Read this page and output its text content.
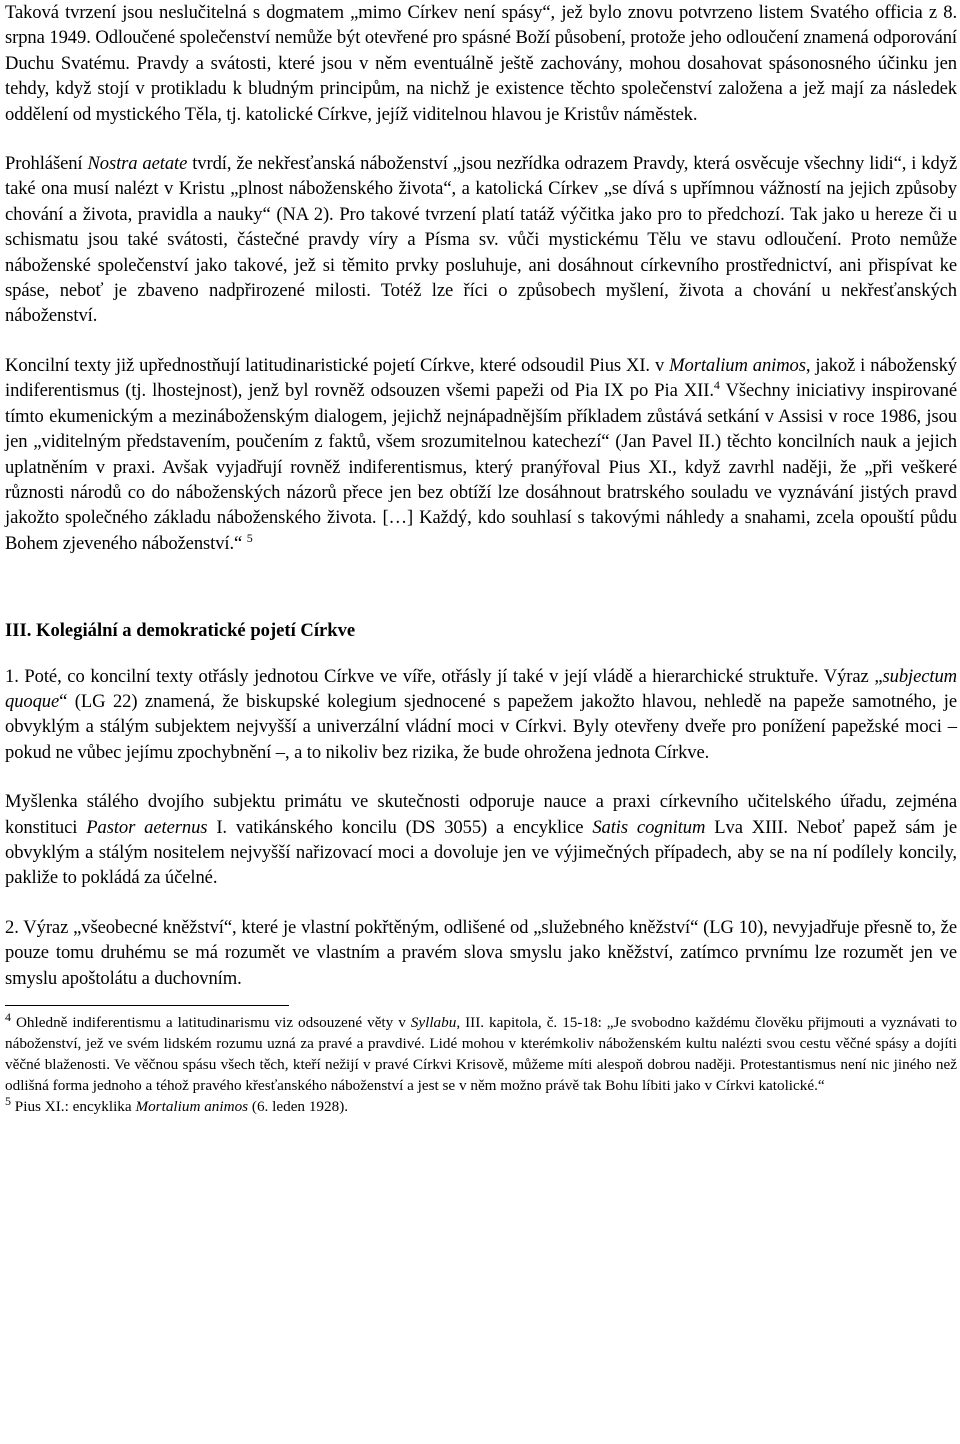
Taková tvrzení jsou neslučitelná s dogmatem „mimo Církev není spásy“, jež bylo znovu potvrzeno listem Svatého officia z 8. srpna 1949. Odloučené společenství nemůže být otevřené pro spásné Boží působení, protože jeho odloučení znamená odporování Duchu Svatému. Pravdy a svátosti, které jsou v něm eventuálně ještě zachovány, mohou dosahovat spásonosného účinku jen tehdy, když stojí v protikladu k bludným principům, na nichž je existence těchto společenství založena a jež mají za následek oddělení od mystického Těla, tj. katolické Církve, jejíž viditelnou hlavou je Kristův náměstek.

Prohlášení Nostra aetate tvrdí, že nekřesťanská náboženství „jsou nezřídka odrazem Pravdy, která osvěcuje všechny lidi“, i když také ona musí nalézt v Kristu „plnost náboženského života“, a katolická Církev „se dívá s upřímnou vážností na jejich způsoby chování a života, pravidla a nauky“ (NA 2). Pro takové tvrzení platí tatáž výčitka jako pro to předchozí. Tak jako u hereze či u schismatu jsou také svátosti, částečné pravdy víry a Písma sv. vůči mystickému Tělu ve stavu odloučení. Proto nemůže náboženské společenství jako takové, jež si těmito prvky posluhuje, ani dosáhnout církevního prostřednictví, ani přispívat ke spáse, neboť je zbaveno nadpřirozené milosti. Totéž lze říci o způsobech myšlení, života a chování u nekřesťanských náboženství.

Koncilní texty již upřednostňují latitudinaristické pojetí Církve, které odsoudil Pius XI. v Mortalium animos, jakož i náboženský indiferentismus (tj. lhostejnost), jenž byl rovněž odsouzen všemi papeži od Pia IX po Pia XII.$^4$ Všechny iniciativy inspirované tímto ekumenickým a mezináboženským dialogem, jejichž nejnápadnějším příkladem zůstává setkání v Assisi v roce 1986, jsou jen „viditelným představením, poučením z faktů, všem srozumitelnou katechezí“ (Jan Pavel II.) těchto koncilních nauk a jejich uplatněním v praxi. Avšak vyjadřují rovněž indiferentismus, který pranýřoval Pius XI., když zavrhl naději, že „při veškeré různosti národů co do náboženských názorů přece jen bez obtíží lze dosáhnout bratrského souladu ve vyznávání jistých pravd jakožto společného základu náboženského života. […] Každý, kdo souhlasí s takovými náhledy a snahami, zcela opouští půdu Bohem zjeveného náboženství.“ $^5$

III. Kolegiální a demokratické pojetí Církve

1. Poté, co koncilní texty otřásly jednotou Církve ve víře, otřásly jí také v její vládě a hierarchické struktuře. Výraz „subjectum quoque“ (LG 22) znamená, že biskupské kolegium sjednocené s papežem jakožto hlavou, nehledě na papeže samotného, je obvyklým a stálým subjektem nejvyšší a univerzální vládní moci v Církvi. Byly otevřeny dveře pro ponížení papežské moci – pokud ne vůbec jejímu zpochybnění –, a to nikoliv bez rizika, že bude ohrožena jednota Církve.

Myšlenka stálého dvojího subjektu primátu ve skutečnosti odporuje nauce a praxi církevního učitelského úřadu, zejména konstituci Pastor aeternus I. vatikánského koncilu (DS 3055) a encyklice Satis cognitum Lva XIII. Neboť papež sám je obvyklým a stálým nositelem nejvyšší nařizovací moci a dovoluje jen ve výjimečných případech, aby se na ní podílely koncily, pakliže to pokládá za účelné.

2. Výraz „všeobecné kněžství“, které je vlastní pokřtěným, odlišené od „služebného kněžství“ (LG 10), nevyjadřuje přesně to, že pouze tomu druhému se má rozumět ve vlastním a pravém slova smyslu jako kněžství, zatímco prvnímu lze rozumět jen ve smyslu apoštolátu a duchovním.

$^4$ Ohledně indiferentismu a latitudinarismu viz odsouzené věty v Syllabu, III. kapitola, č. 15-18: „Je svobodno každému člověku přijmouti a vyznávati to náboženství, jež ve svém lidském rozumu uzná za pravé a pravdivé. Lidé mohou v kterémkoliv náboženském kultu nalézti svou cestu věčné spásy a dojíti věčné blaženosti. Ve věčnou spásu všech těch, kteří nežijí v pravé Církvi Krisově, můžeme míti alespoň dobrou naději. Protestantismus není nic jiného než odlišná forma jednoho a téhož pravého křesťanského náboženství a jest se v něm možno právě tak Bohu líbiti jako v Církvi katolické.“

$^5$ Pius XI.: encyklika Mortalium animos (6. leden 1928).
